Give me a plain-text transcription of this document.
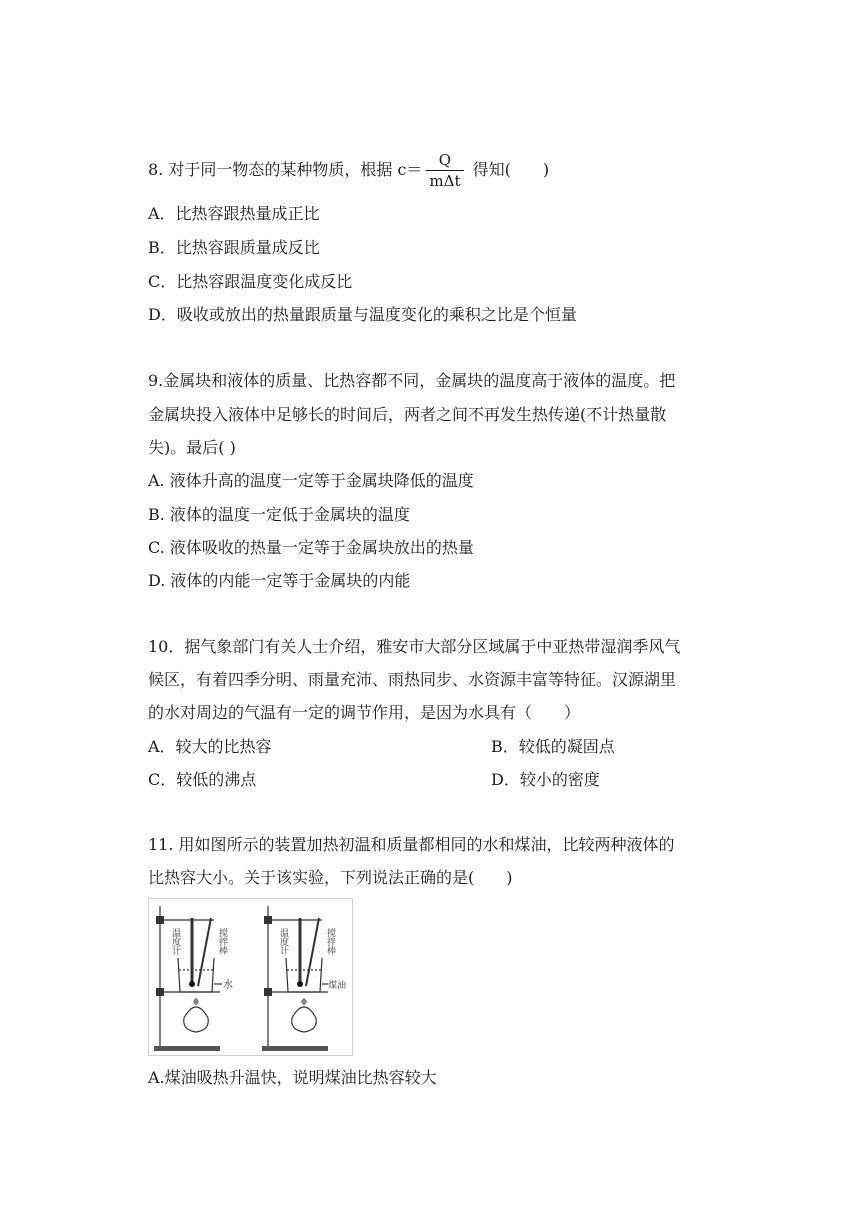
8. 对于同一物态的某种物质，根据 $c= \frac{Q}{\text{mΔt}}$ 得知(　　)
A．比热容跟热量成正比
B．比热容跟质量成反比
C．比热容跟温度变化成反比
D．吸收或放出的热量跟质量与温度变化的乘积之比是个恒量
9.金属块和液体的质量、比热容都不同，金属块的温度高于液体的温度。把
金属块投入液体中足够长的时间后，两者之间不再发生热传递(不计热量散
失)。最后( )
A. 液体升高的温度一定等于金属块降低的温度
B. 液体的温度一定低于金属块的温度
C. 液体吸收的热量一定等于金属块放出的热量
D. 液体的内能一定等于金属块的内能
10．据气象部门有关人士介绍，雅安市大部分区域属于中亚热带湿润季风气
候区，有着四季分明、雨量充沛、雨热同步、水资源丰富等特征。汉源湖里
的水对周边的气温有一定的调节作用，是因为水具有（　　）
A．较大的比热容	B．较低的凝固点
C．较低的沸点	D．较小的密度
11. 用如图所示的装置加热初温和质量都相同的水和煤油，比较两种液体的
比热容大小。关于该实验，下列说法正确的是(　　)
温度计	搅拌棒
水
温度计	搅拌棒
煤油
A.煤油吸热升温快，说明煤油比热容较大
